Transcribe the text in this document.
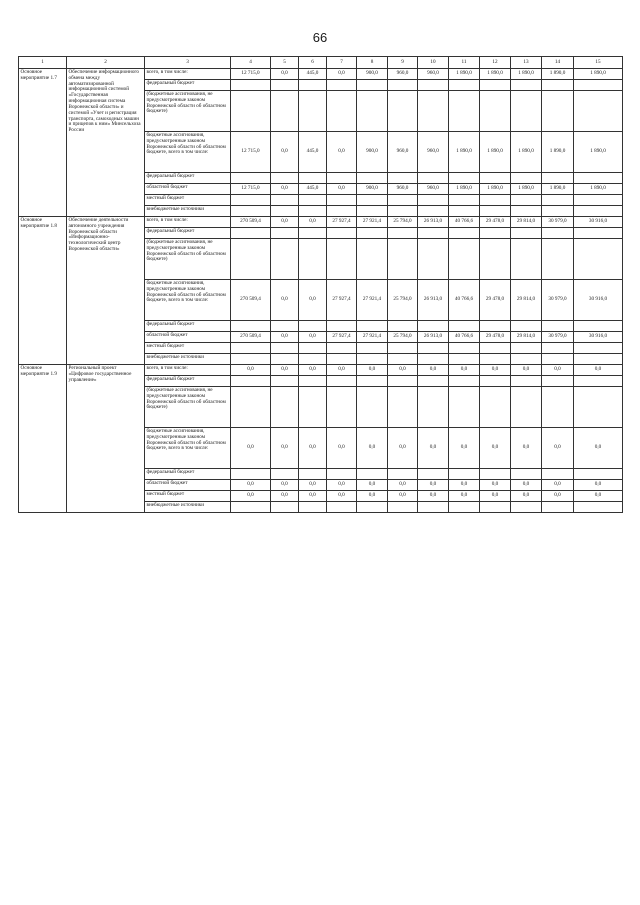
66
1	2	3	4	5	6	7	8	9	10	11	12	13	14	15
Основное мероприятие 1.7	Обеспечение информационного обмена между автоматизированной информационной системой «Государственная информационная система Воронежской области» и системой «Учет и регистрация транспорта, самоходных машин и прицепов к ним» Минсельхоза России	всего, в том числе:	12 715,0	0,0	445,0	0,0	900,0	960,0	960,0	1 890,0	1 890,0	1 890,0	1 890,0	1 890,0
		федеральный бюджет												
		(бюджетные ассигнования, не предусмотренные законом Воронежской области об областном бюджете)												
		бюджетные ассигнования, предусмотренные законом Воронежской области об областном бюджете, всего в том числе:	12 715,0	0,0	445,0	0,0	900,0	960,0	960,0	1 890,0	1 890,0	1 890,0	1 890,0	1 890,0
		федеральный бюджет												
		областной бюджет	12 715,0	0,0	445,0	0,0	900,0	960,0	960,0	1 890,0	1 890,0	1 890,0	1 890,0	1 890,0
		местный бюджет												
		внебюджетные источники												
Основное мероприятие 1.8	Обеспечение деятельности автономного учреждения Воронежской области «Информационно-технологический центр Воронежской области»	всего, в том числе:	270 509,4	0,0	0,0	27 927,4	27 921,4	25 794,0	26 913,0	40 766,6	29 478,0	29 814,0	30 979,0	30 916,0
		федеральный бюджет												
		(бюджетные ассигнования, не предусмотренные законом Воронежской области об областном бюджете)												
		бюджетные ассигнования, предусмотренные законом Воронежской области об областном бюджете, всего в том числе:	270 509,4	0,0	0,0	27 927,4	27 921,4	25 794,0	26 913,0	40 766,6	29 478,0	29 814,0	30 979,0	30 916,0
		федеральный бюджет												
		областной бюджет	270 509,4	0,0	0,0	27 927,4	27 921,4	25 794,0	26 913,0	40 766,6	29 478,0	29 814,0	30 979,0	30 916,0
		местный бюджет												
		внебюджетные источники												
Основное мероприятие 1.9	Региональный проект «Цифровое государственное управление»	всего, в том числе:	0,0	0,0	0,0	0,0	0,0	0,0	0,0	0,0	0,0	0,0	0,0	0,0
		федеральный бюджет												
		(бюджетные ассигнования, не предусмотренные законом Воронежской области об областном бюджете)												
		бюджетные ассигнования, предусмотренные законом Воронежской области об областном бюджете, всего в том числе:	0,0	0,0	0,0	0,0	0,0	0,0	0,0	0,0	0,0	0,0	0,0	0,0
		федеральный бюджет												
		областной бюджет	0,0	0,0	0,0	0,0	0,0	0,0	0,0	0,0	0,0	0,0	0,0	0,0
		местный бюджет	0,0	0,0	0,0	0,0	0,0	0,0	0,0	0,0	0,0	0,0	0,0	0,0
		внебюджетные источники												
